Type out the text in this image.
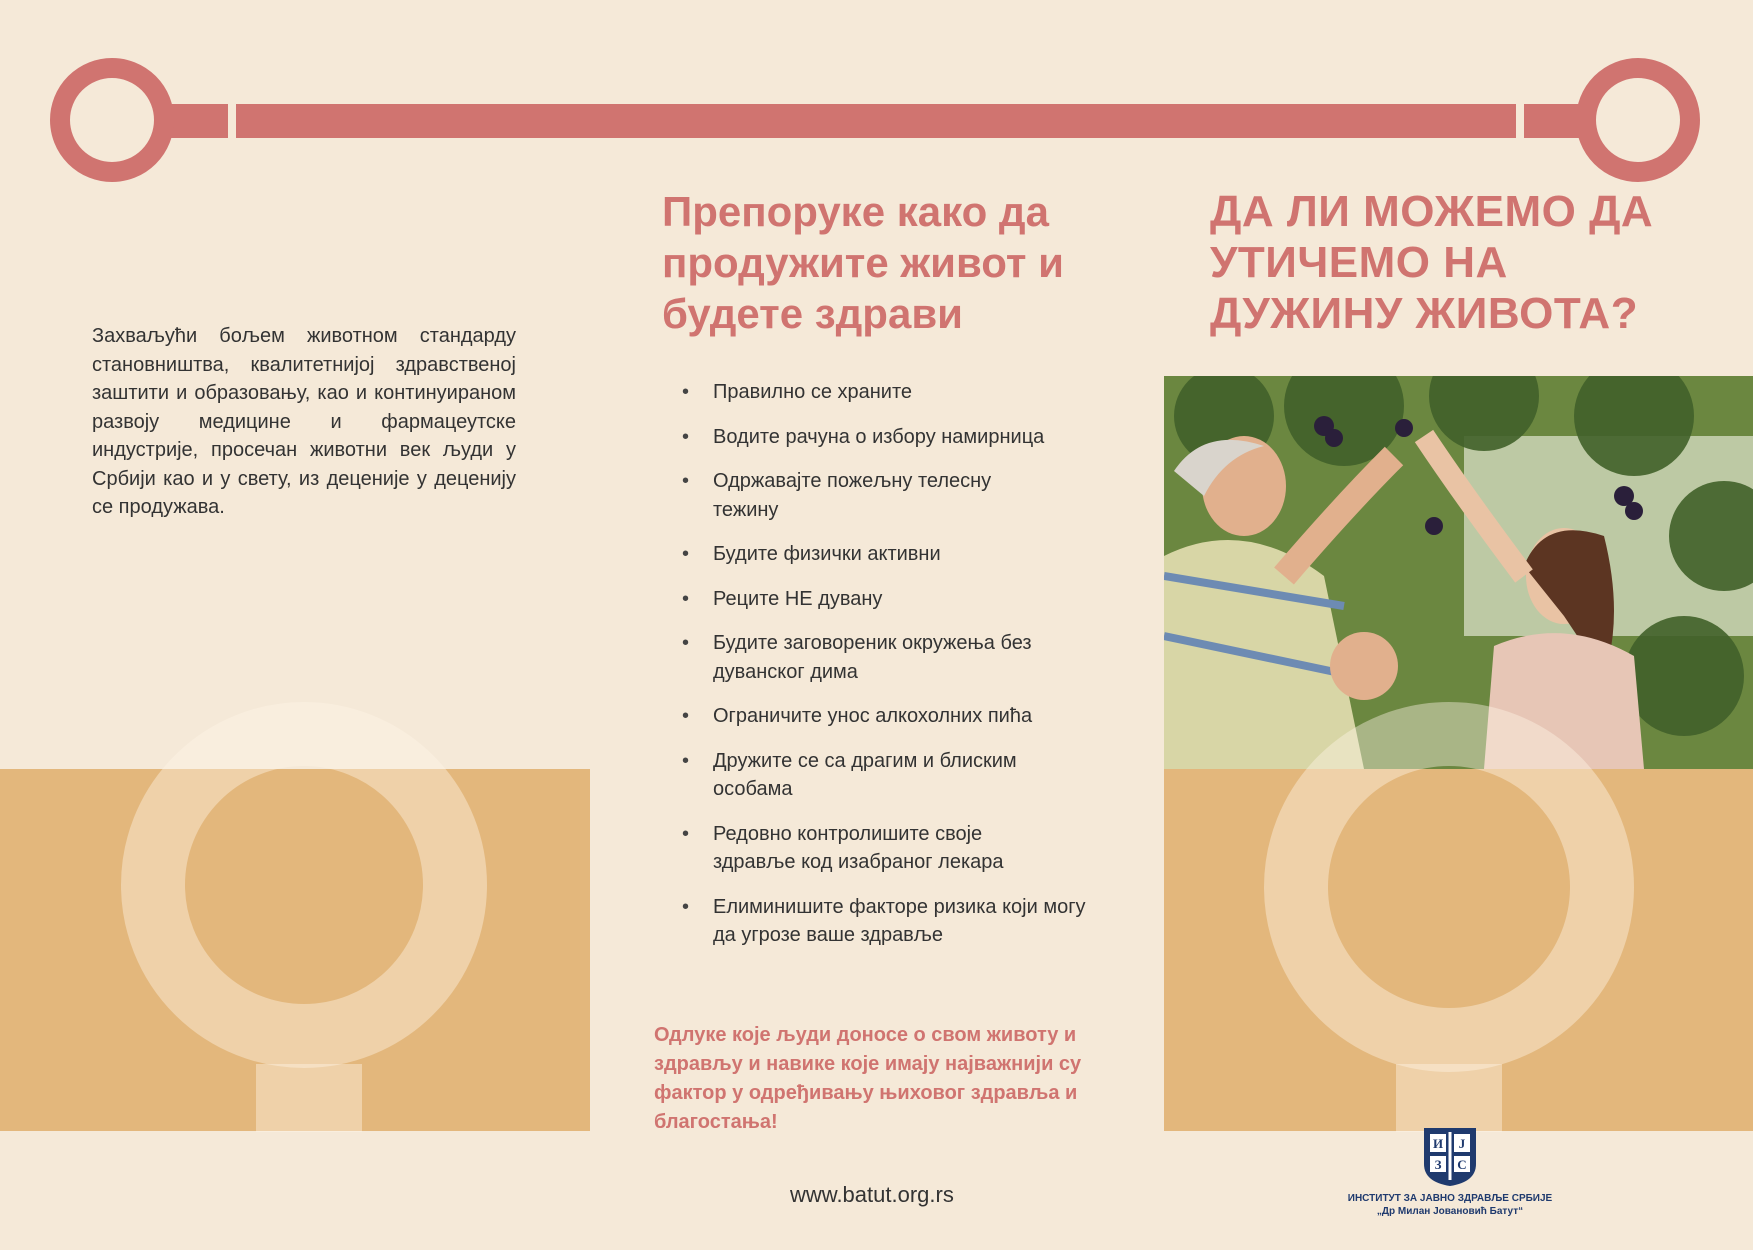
Захваљући бољем животном стандарду становништва, квалитетнијој здравственој заштити и образовању, као и континуираном развоју медицине и фармацеутске индустрије, просечан животни век људи у Србији као и у свету, из деценије у деценију се продужава.
Препоруке како да продужите живот и будете здрави
• Правилно се храните
• Водите рачуна о избору намирница
• Одржавајте пожељну телесну тежину
• Будите физички активни
• Реците НЕ дувану
• Будите заговореник окружења без дуванског дима
• Ограничите унос алкохолних пића
• Дружите се са драгим и блиским особама
• Редовно контролишите своје здравље код изабраног лекара
• Елиминишите факторе ризика који могу да угрозе ваше здравље
Одлуке које људи доносе о свом животу и здрављу и навике које имају најважнији су фактор у одређивању њиховог здравља и благостања!
www.batut.org.rs
ДА ЛИ МОЖЕМО ДА УТИЧЕМО НА ДУЖИНУ ЖИВОТА?
И Ј
З С
ИНСТИТУТ ЗА ЈАВНО ЗДРАВЉЕ СРБИЈЕ
„Др Милан Јовановић Батут“
